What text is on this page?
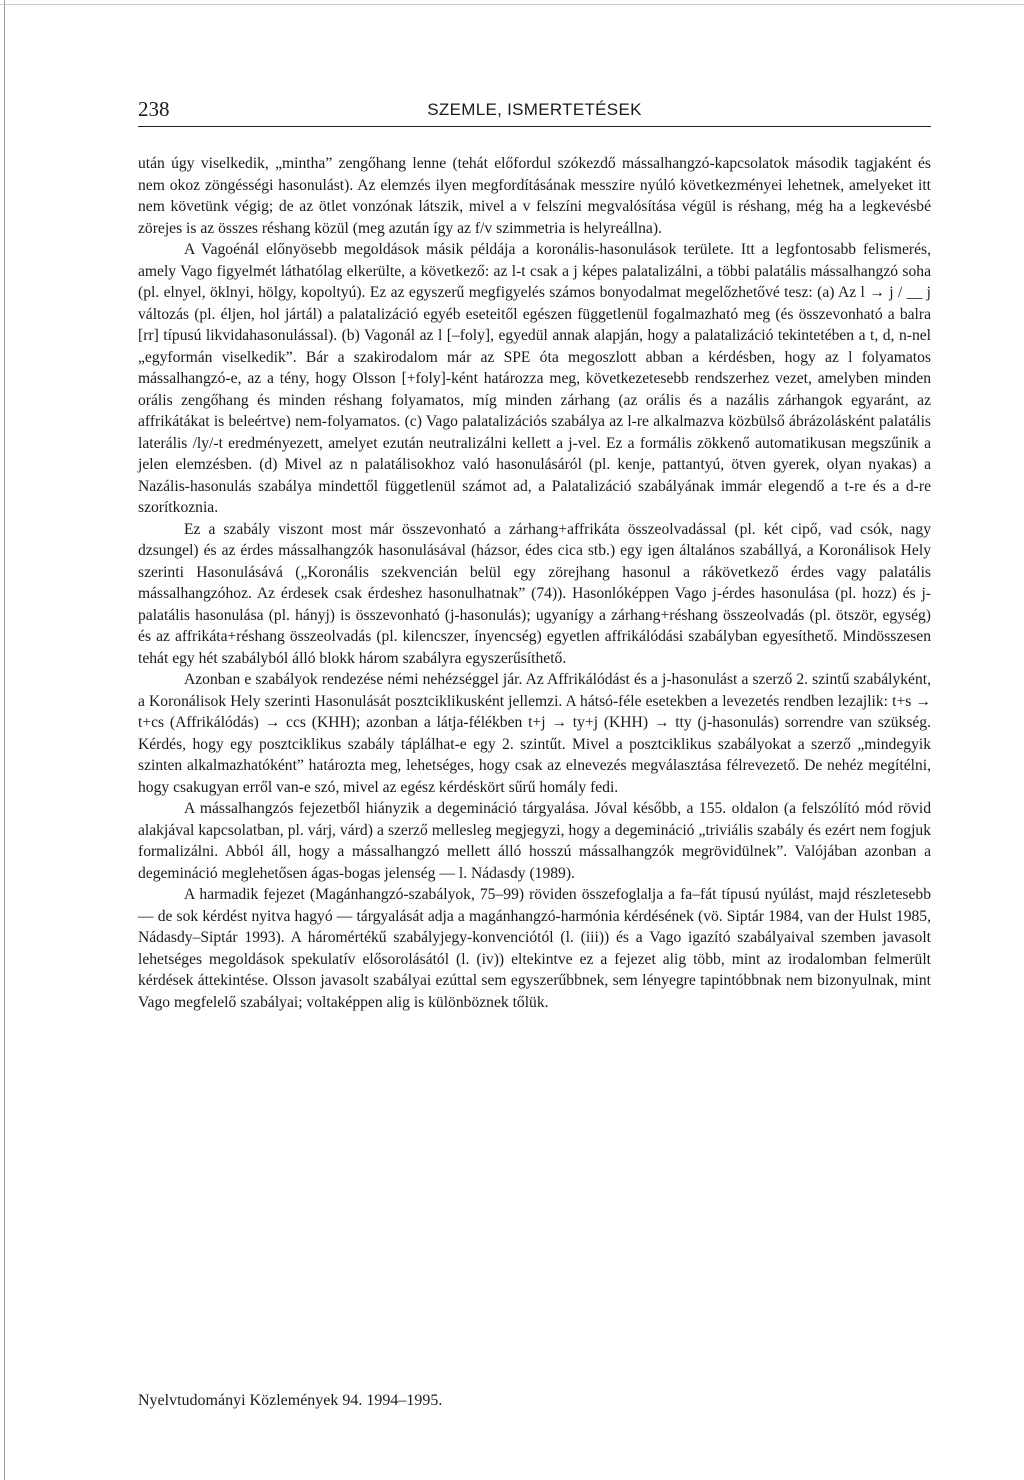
238	SZEMLE, ISMERTETÉSEK

után úgy viselkedik, „mintha” zengőhang lenne (tehát előfordul szókezdő mássalhangzó-kapcsolatok második tagjaként és nem okoz zöngésségi hasonulást). Az elemzés ilyen megfordításának messzire nyúló következményei lehetnek, amelyeket itt nem követünk végig; de az ötlet vonzónak látszik, mivel a v felszíni megvalósítása végül is réshang, még ha a legkevésbé zörejes is az összes réshang közül (meg azután így az f/v szimmetria is helyreállna).

A Vagoénál előnyösebb megoldások másik példája a koronális-hasonulások területe. Itt a legfontosabb felismerés, amely Vago figyelmét láthatólag elkerülte, a következő: az l-t csak a j képes palatalizálni, a többi palatális mássalhangzó soha (pl. elnyel, öklnyi, hölgy, kopoltyú). Ez az egyszerű megfigyelés számos bonyodalmat megelőzhetővé tesz: (a) Az l → j / __ j változás (pl. éljen, hol jártál) a palatalizáció egyéb eseteitől egészen függetlenül fogalmazható meg (és összevonható a balra [rr] típusú likvidahasonulással). (b) Vagonál az l [–foly], egyedül annak alapján, hogy a palatalizáció tekintetében a t, d, n-nel „egyformán viselkedik”. Bár a szakirodalom már az SPE óta megoszlott abban a kérdésben, hogy az l folyamatos mássalhangzó-e, az a tény, hogy Olsson [+foly]-ként határozza meg, következetesebb rendszerhez vezet, amelyben minden orális zengőhang és minden réshang folyamatos, míg minden zárhang (az orális és a nazális zárhangok egyaránt, az affrikátákat is beleértve) nem-folyamatos. (c) Vago palatalizációs szabálya az l-re alkalmazva közbülső ábrázolásként palatális laterális /ly/-t eredményezett, amelyet ezután neutralizálni kellett a j-vel. Ez a formális zökkenő automatikusan megszűnik a jelen elemzésben. (d) Mivel az n palatálisokhoz való hasonulásáról (pl. kenje, pattantyú, ötven gyerek, olyan nyakas) a Nazális-hasonulás szabálya mindettől függetlenül számot ad, a Palatalizáció szabályának immár elegendő a t-re és a d-re szorítkoznia.

Ez a szabály viszont most már összevonható a zárhang+affrikáta összeolvadással (pl. két cipő, vad csók, nagy dzsungel) és az érdes mássalhangzók hasonulásával (házsor, édes cica stb.) egy igen általános szabállyá, a Koronálisok Hely szerinti Hasonulásává („Koronális szekvencián belül egy zörejhang hasonul a rákövetkező érdes vagy palatális mássalhangzóhoz. Az érdesek csak érdeshez hasonulhatnak” (74)). Hasonlóképpen Vago j-érdes hasonulása (pl. hozz) és j-palatális hasonulása (pl. hányj) is összevonható (j-hasonulás); ugyanígy a zárhang+réshang összeolvadás (pl. ötször, egység) és az affrikáta+réshang összeolvadás (pl. kilencszer, ínyencség) egyetlen affrikálódási szabályban egyesíthető. Mindösszesen tehát egy hét szabályból álló blokk három szabályra egyszerűsíthető.

Azonban e szabályok rendezése némi nehézséggel jár. Az Affrikálódást és a j-hasonulást a szerző 2. szintű szabályként, a Koronálisok Hely szerinti Hasonulását posztciklikusként jellemzi. A hátsó-féle esetekben a levezetés rendben lezajlik: t+s → t+cs (Affrikálódás) → ccs (KHH); azonban a látja-félékben t+j → ty+j (KHH) → tty (j-hasonulás) sorrendre van szükség. Kérdés, hogy egy posztciklikus szabály táplálhat-e egy 2. szintűt. Mivel a posztciklikus szabályokat a szerző „mindegyik szinten alkalmazhatóként” határozta meg, lehetséges, hogy csak az elnevezés megválasztása félrevezető. De nehéz megítélni, hogy csakugyan erről van-e szó, mivel az egész kérdéskört sűrű homály fedi.

A mássalhangzós fejezetből hiányzik a degemináció tárgyalása. Jóval később, a 155. oldalon (a felszólító mód rövid alakjával kapcsolatban, pl. várj, várd) a szerző mellesleg megjegyzi, hogy a degemináció „triviális szabály és ezért nem fogjuk formalizálni. Abból áll, hogy a mássalhangzó mellett álló hosszú mássalhangzók megrövidülnek”. Valójában azonban a degemináció meglehetősen ágas-bogas jelenség — l. Nádasdy (1989).

A harmadik fejezet (Magánhangzó-szabályok, 75–99) röviden összefoglalja a fa–fát típusú nyúlást, majd részletesebb — de sok kérdést nyitva hagyó — tárgyalását adja a magánhangzó-harmónia kérdésének (vö. Siptár 1984, van der Hulst 1985, Nádasdy–Siptár 1993). A háromértékű szabályjegy-konvenciótól (l. (iii)) és a Vago igazító szabályaival szemben javasolt lehetséges megoldások spekulatív elősorolásától (l. (iv)) eltekintve ez a fejezet alig több, mint az irodalomban felmerült kérdések áttekintése. Olsson javasolt szabályai ezúttal sem egyszerűbbnek, sem lényegre tapintóbbnak nem bizonyulnak, mint Vago megfelelő szabályai; voltaképpen alig is különböznek tőlük.

Nyelvtudományi Közlemények 94. 1994–1995.
